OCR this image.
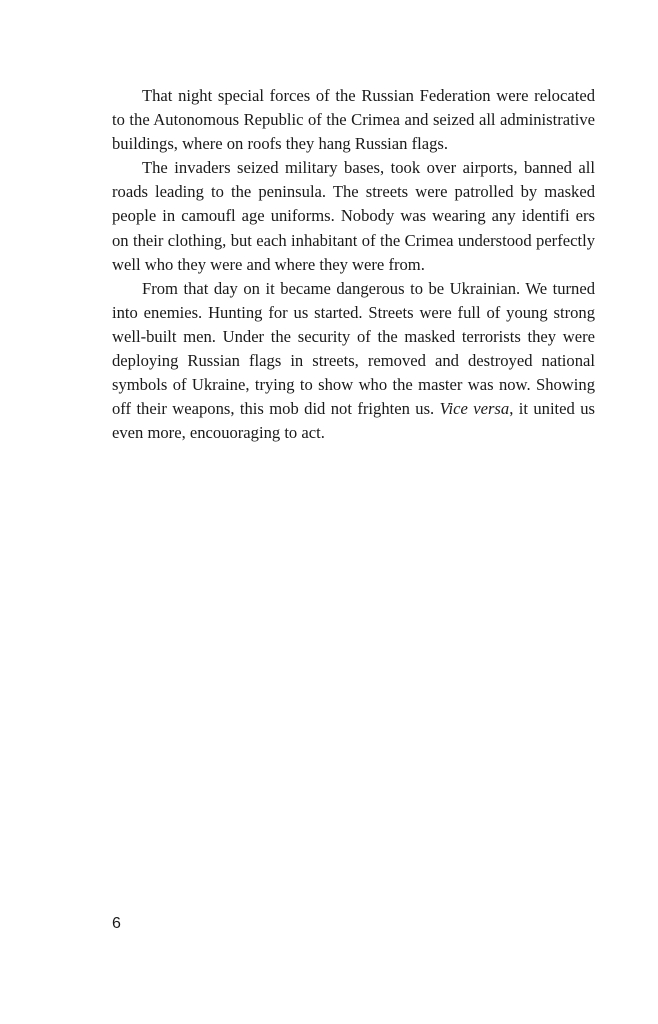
That night special forces of the Russian Federation were relocated to the Autonomous Republic of the Crimea and seized all administrative buildings, where on roofs they hang Russian flags.

The invaders seized military bases, took over airports, banned all roads leading to the peninsula. The streets were patrolled by masked people in camoufl age uniforms. Nobody was wearing any identifi ers on their clothing, but each inhabitant of the Crimea understood perfectly well who they were and where they were from.

From that day on it became dangerous to be Ukrainian. We turned into enemies. Hunting for us started. Streets were full of young strong well-built men. Under the security of the masked terrorists they were deploying Russian flags in streets, removed and destroyed national symbols of Ukraine, trying to show who the master was now. Showing off their weapons, this mob did not frighten us. Vice versa, it united us even more, encouoraging to act.

6
